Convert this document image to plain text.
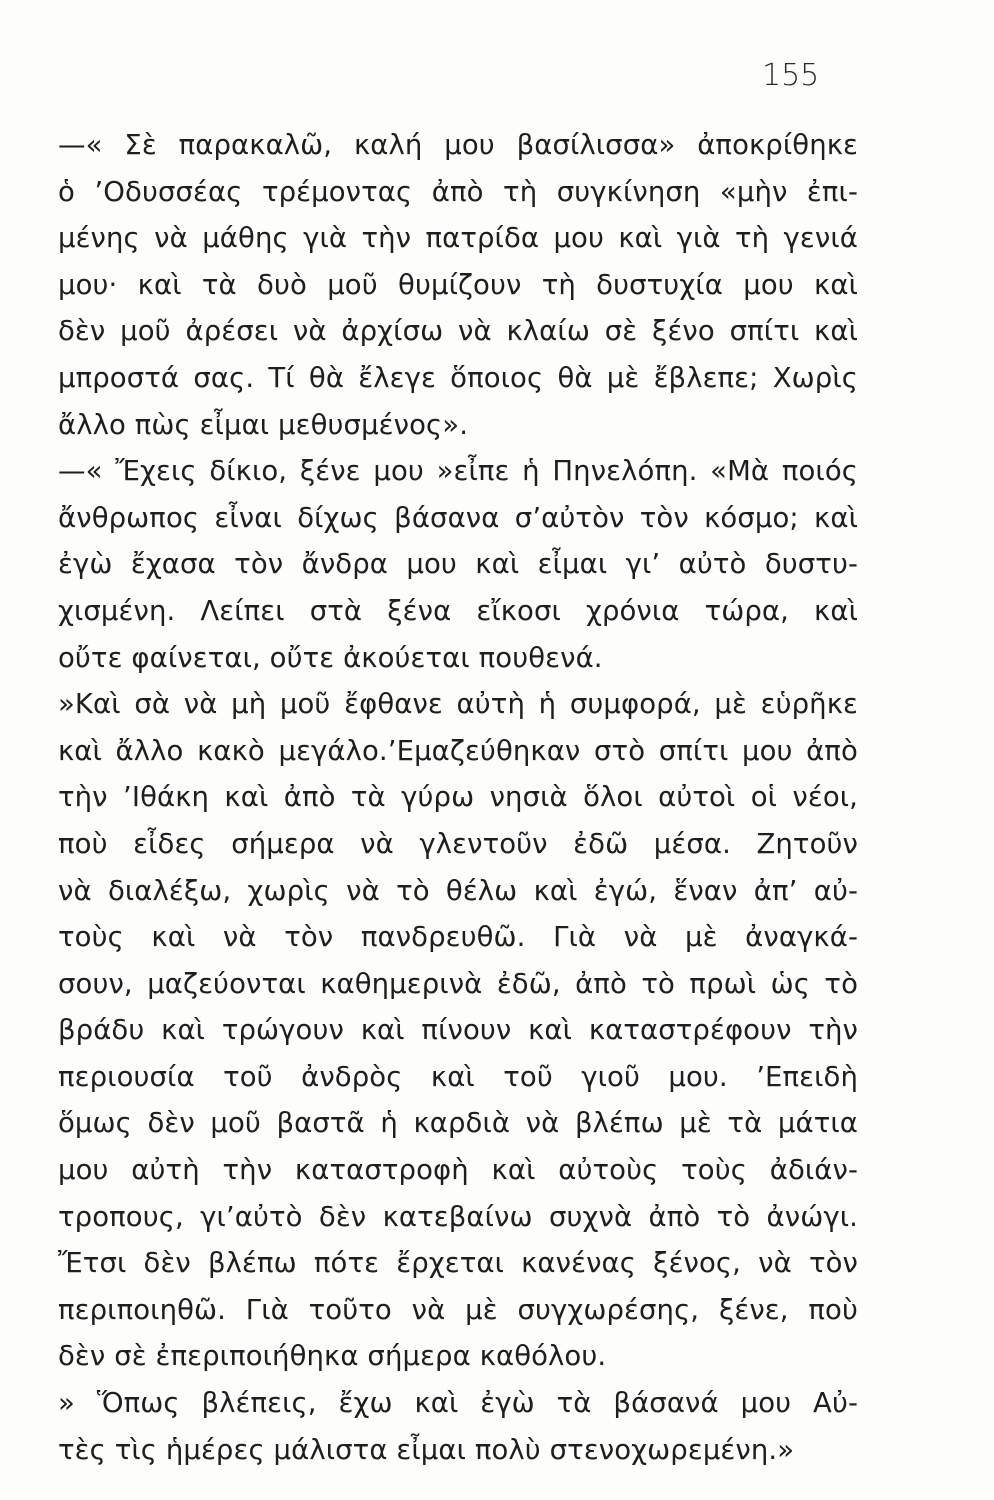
155
—« Σὲ παρακαλῶ, καλή μου βασίλισσα» ἀποκρίθηκε
ὁ ’Οδυσσέας τρέμοντας ἀπὸ τὴ συγκίνηση «μὴν ἐπι-
μένης νὰ μάθης γιὰ τὴν πατρίδα μου καὶ γιὰ τὴ γενιά
μου· καὶ τὰ δυὸ μοῦ θυμίζουν τὴ δυστυχία μου καὶ
δὲν μοῦ ἀρέσει νὰ ἀρχίσω νὰ κλαίω σὲ ξένο σπίτι καὶ
μπροστά σας. Τί θὰ ἔλεγε ὅποιος θὰ μὲ ἔβλεπε; Χωρὶς
ἄλλο πὼς εἶμαι μεθυσμένος».
—« Ἔχεις δίκιο, ξένε μου »εἶπε ἡ Πηνελόπη. «Μὰ ποιός
ἄνθρωπος εἶναι δίχως βάσανα σ’αὐτὸν τὸν κόσμο; καὶ
ἐγὼ ἔχασα τὸν ἄνδρα μου καὶ εἶμαι γι’ αὐτὸ δυστυ-
χισμένη. Λείπει στὰ ξένα εἴκοσι χρόνια τώρα, καὶ
οὔτε φαίνεται, οὔτε ἀκούεται πουθενά.
»Καὶ σὰ νὰ μὴ μοῦ ἔφθανε αὐτὴ ἡ συμφορά, μὲ εὑρῆκε
καὶ ἄλλο κακὸ μεγάλο.’Εμαζεύθηκαν στὸ σπίτι μου ἀπὸ
τὴν ’Ιθάκη καὶ ἀπὸ τὰ γύρω νησιὰ ὅλοι αὐτοὶ οἱ νέοι,
ποὺ εἶδες σήμερα νὰ γλεντοῦν ἐδῶ μέσα. Ζητοῦν
νὰ διαλέξω, χωρὶς νὰ τὸ θέλω καὶ ἐγώ, ἕναν ἀπ’ αὐ-
τοὺς καὶ νὰ τὸν πανδρευθῶ. Γιὰ νὰ μὲ ἀναγκά-
σουν, μαζεύονται καθημερινὰ ἐδῶ, ἀπὸ τὸ πρωὶ ὡς τὸ
βράδυ καὶ τρώγουν καὶ πίνουν καὶ καταστρέφουν τὴν
περιουσία τοῦ ἀνδρὸς καὶ τοῦ γιοῦ μου. ’Επειδὴ
ὅμως δὲν μοῦ βαστᾶ ἡ καρδιὰ νὰ βλέπω μὲ τὰ μάτια
μου αὐτὴ τὴν καταστροφὴ καὶ αὐτοὺς τοὺς ἀδιάν-
τροπους, γι’αὐτὸ δὲν κατεβαίνω συχνὰ ἀπὸ τὸ ἀνώγι.
Ἔτσι δὲν βλέπω πότε ἔρχεται κανένας ξένος, νὰ τὸν
περιποιηθῶ. Γιὰ τοῦτο νὰ μὲ συγχωρέσης, ξένε, ποὺ
δὲν σὲ ἐπεριποιήθηκα σήμερα καθόλου.
» Ὅπως βλέπεις, ἔχω καὶ ἐγὼ τὰ βάσανά μου Αὐ-
τὲς τὶς ἡμέρες μάλιστα εἶμαι πολὺ στενοχωρεμένη.»
